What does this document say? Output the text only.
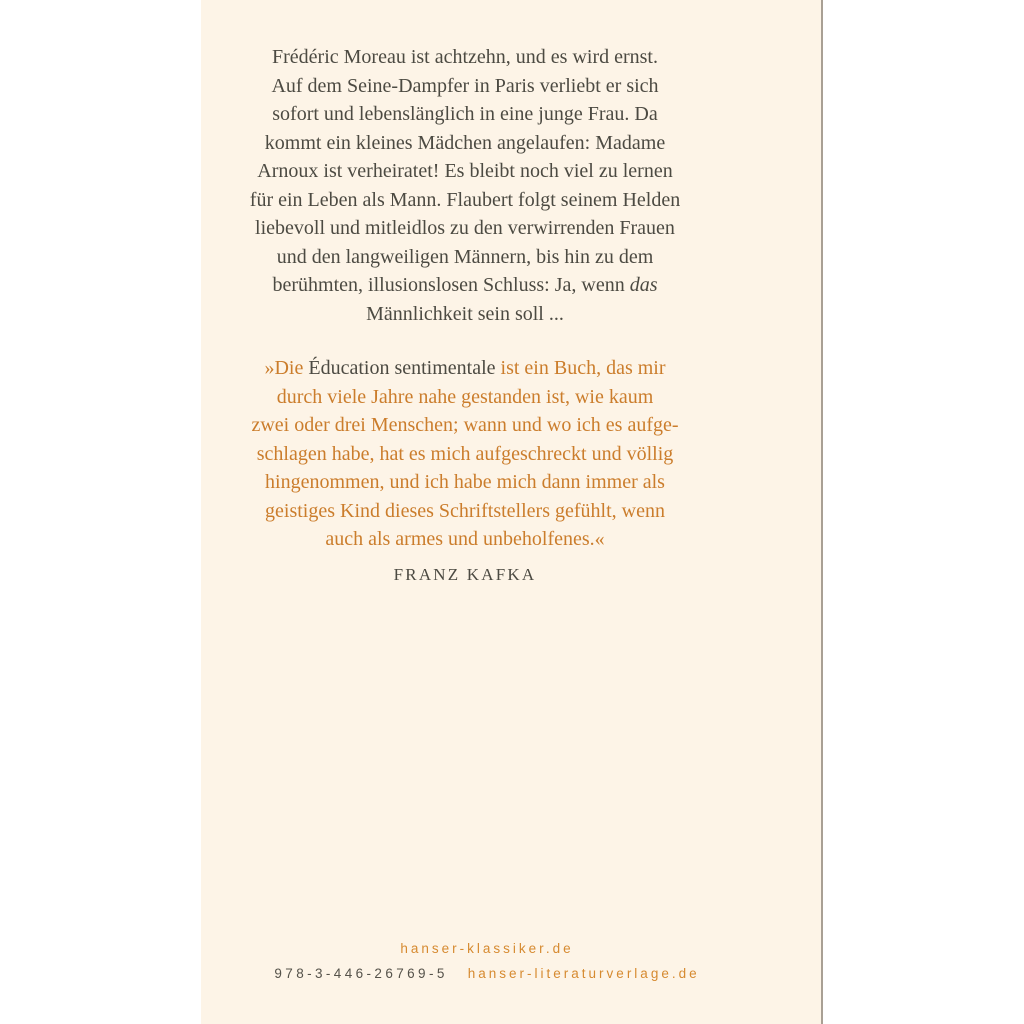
Frédéric Moreau ist achtzehn, und es wird ernst.
Auf dem Seine-Dampfer in Paris verliebt er sich
sofort und lebenslänglich in eine junge Frau. Da
kommt ein kleines Mädchen angelaufen: Madame
Arnoux ist verheiratet! Es bleibt noch viel zu lernen
für ein Leben als Mann. Flaubert folgt seinem Helden
liebevoll und mitleidlos zu den verwirrenden Frauen
und den langweiligen Männern, bis hin zu dem
berühmten, illusionslosen Schluss: Ja, wenn das
Männlichkeit sein soll ...
»Die Éducation sentimentale ist ein Buch, das mir
durch viele Jahre nahe gestanden ist, wie kaum
zwei oder drei Menschen; wann und wo ich es aufge-
schlagen habe, hat es mich aufgeschreckt und völlig
hingenommen, und ich habe mich dann immer als
geistiges Kind dieses Schriftstellers gefühlt, wenn
auch als armes und unbeholfenes.«
FRANZ KAFKA
hanser-klassiker.de
978-3-446-26769-5 hanser-literaturverlage.de
